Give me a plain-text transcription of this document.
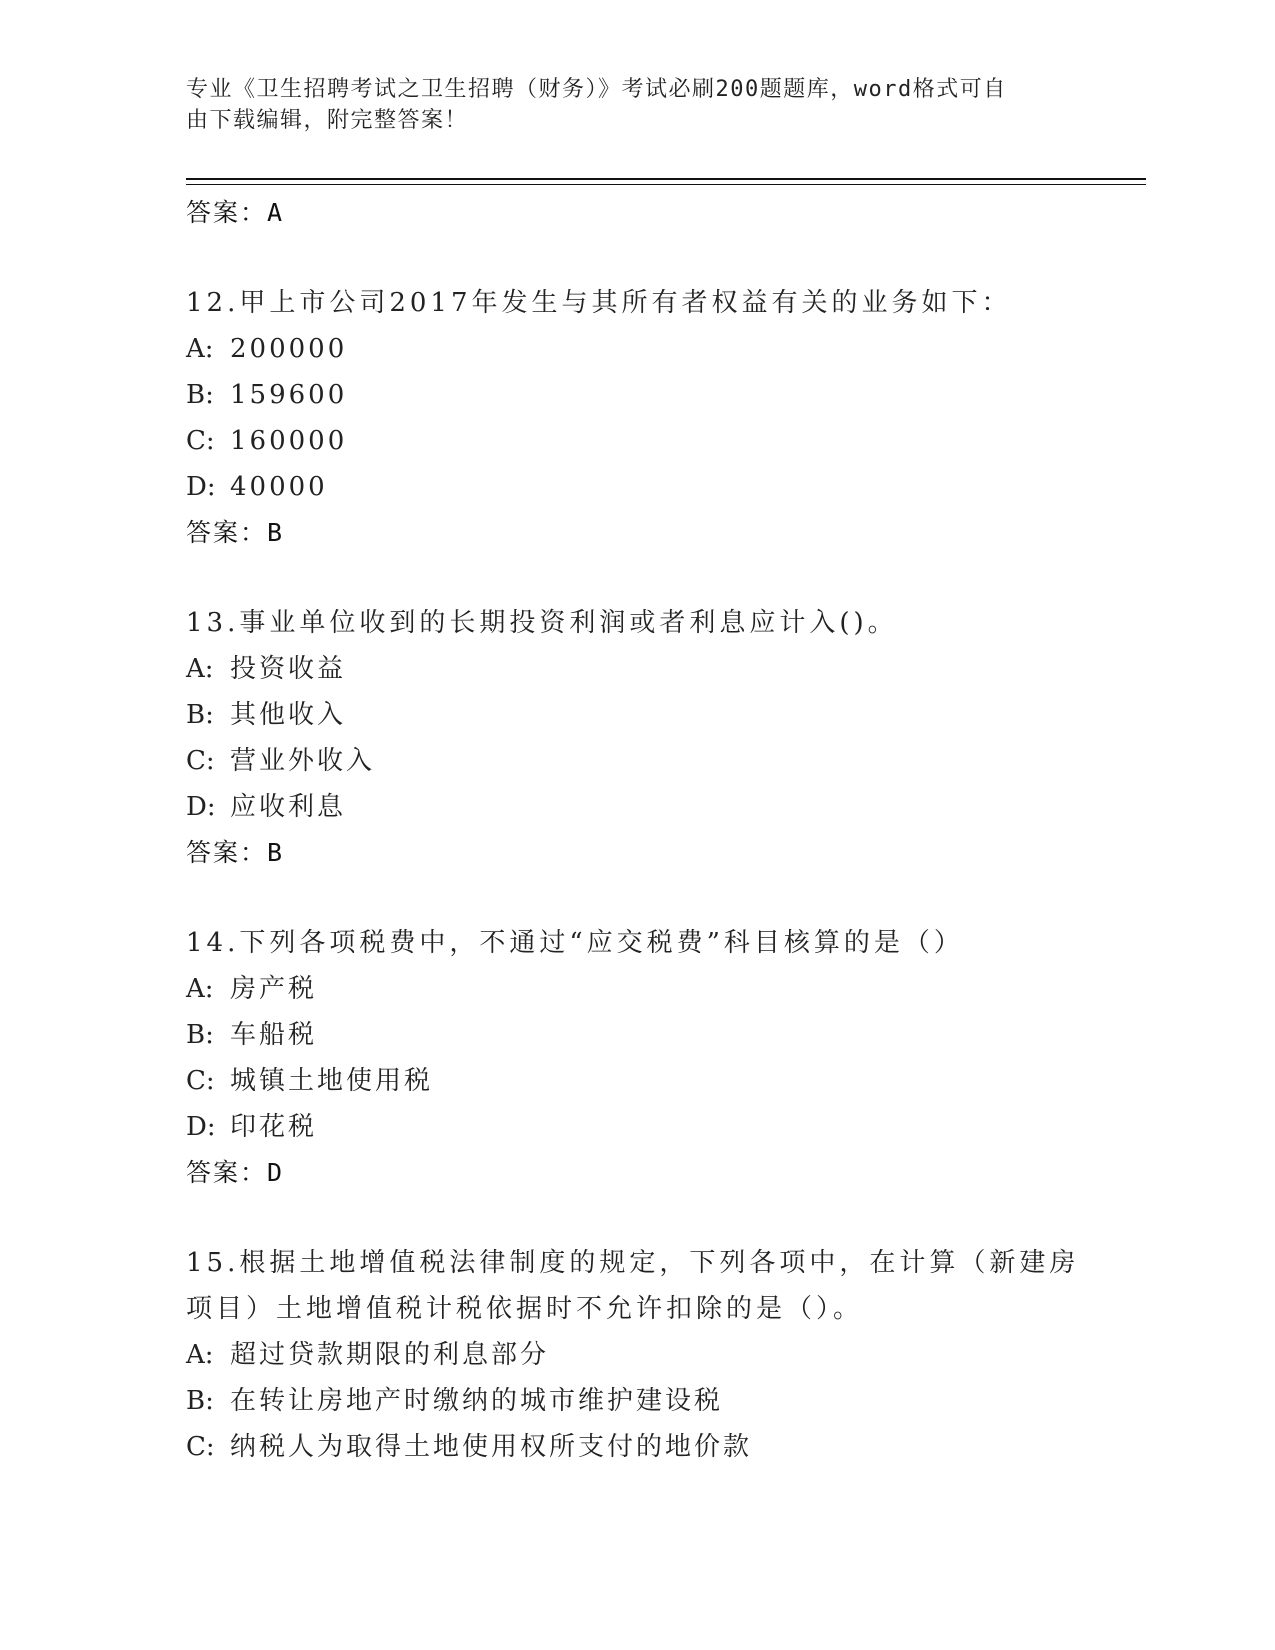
专业《卫生招聘考试之卫生招聘（财务）》考试必刷200题题库，word格式可自
由下载编辑，附完整答案！
答案：A
12.甲上市公司2017年发生与其所有者权益有关的业务如下：
A: 200000
B: 159600
C: 160000
D: 40000
答案：B
13.事业单位收到的长期投资利润或者利息应计入()。
A: 投资收益
B: 其他收入
C: 营业外收入
D: 应收利息
答案：B
14.下列各项税费中，不通过“应交税费”科目核算的是（）
A: 房产税
B: 车船税
C: 城镇土地使用税
D: 印花税
答案：D
15.根据土地增值税法律制度的规定，下列各项中，在计算（新建房项目）土地增值税计税依据时不允许扣除的是（）。
A: 超过贷款期限的利息部分
B: 在转让房地产时缴纳的城市维护建设税
C: 纳税人为取得土地使用权所支付的地价款
